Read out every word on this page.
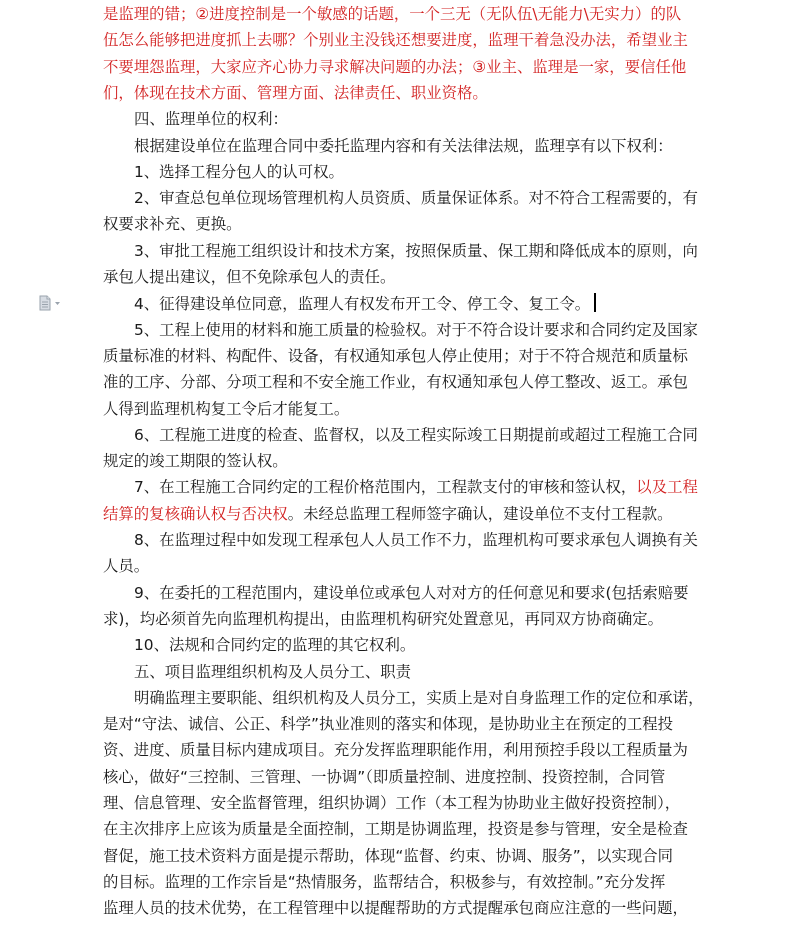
是监理的错；②进度控制是一个敏感的话题，一个三无（无队伍\无能力\无实力）的队
伍怎么能够把进度抓上去哪？个别业主没钱还想要进度，监理干着急没办法，希望业主
不要埋怨监理，大家应齐心协力寻求解决问题的办法；③业主、监理是一家，要信任他
们，体现在技术方面、管理方面、法律责任、职业资格。
四、监理单位的权利：
根据建设单位在监理合同中委托监理内容和有关法律法规，监理享有以下权利：
1、选择工程分包人的认可权。
2、审查总包单位现场管理机构人员资质、质量保证体系。对不符合工程需要的，有
权要求补充、更换。
3、审批工程施工组织设计和技术方案，按照保质量、保工期和降低成本的原则，向
承包人提出建议，但不免除承包人的责任。
4、征得建设单位同意，监理人有权发布开工令、停工令、复工令。
5、工程上使用的材料和施工质量的检验权。对于不符合设计要求和合同约定及国家
质量标准的材料、构配件、设备，有权通知承包人停止使用；对于不符合规范和质量标
准的工序、分部、分项工程和不安全施工作业，有权通知承包人停工整改、返工。承包
人得到监理机构复工令后才能复工。
6、工程施工进度的检查、监督权，以及工程实际竣工日期提前或超过工程施工合同
规定的竣工期限的签认权。
7、在工程施工合同约定的工程价格范围内，工程款支付的审核和签认权，以及工程
结算的复核确认权与否决权。未经总监理工程师签字确认，建设单位不支付工程款。
8、在监理过程中如发现工程承包人人员工作不力，监理机构可要求承包人调换有关
人员。
9、在委托的工程范围内，建设单位或承包人对对方的任何意见和要求(包括索赔要
求)，均必须首先向监理机构提出，由监理机构研究处置意见，再同双方协商确定。
10、法规和合同约定的监理的其它权利。
五、项目监理组织机构及人员分工、职责
明确监理主要职能、组织机构及人员分工，实质上是对自身监理工作的定位和承诺，
是对“守法、诚信、公正、科学”执业准则的落实和体现，是协助业主在预定的工程投
资、进度、质量目标内建成项目。充分发挥监理职能作用，利用预控手段以工程质量为
核心，做好“三控制、三管理、一协调”（即质量控制、进度控制、投资控制，合同管
理、信息管理、安全监督管理，组织协调）工作（本工程为协助业主做好投资控制），
在主次排序上应该为质量是全面控制，工期是协调监理，投资是参与管理，安全是检查
督促，施工技术资料方面是提示帮助，体现“监督、约束、协调、服务”，以实现合同
的目标。监理的工作宗旨是“热情服务，监帮结合，积极参与，有效控制。”充分发挥
监理人员的技术优势，在工程管理中以提醒帮助的方式提醒承包商应注意的一些问题，
